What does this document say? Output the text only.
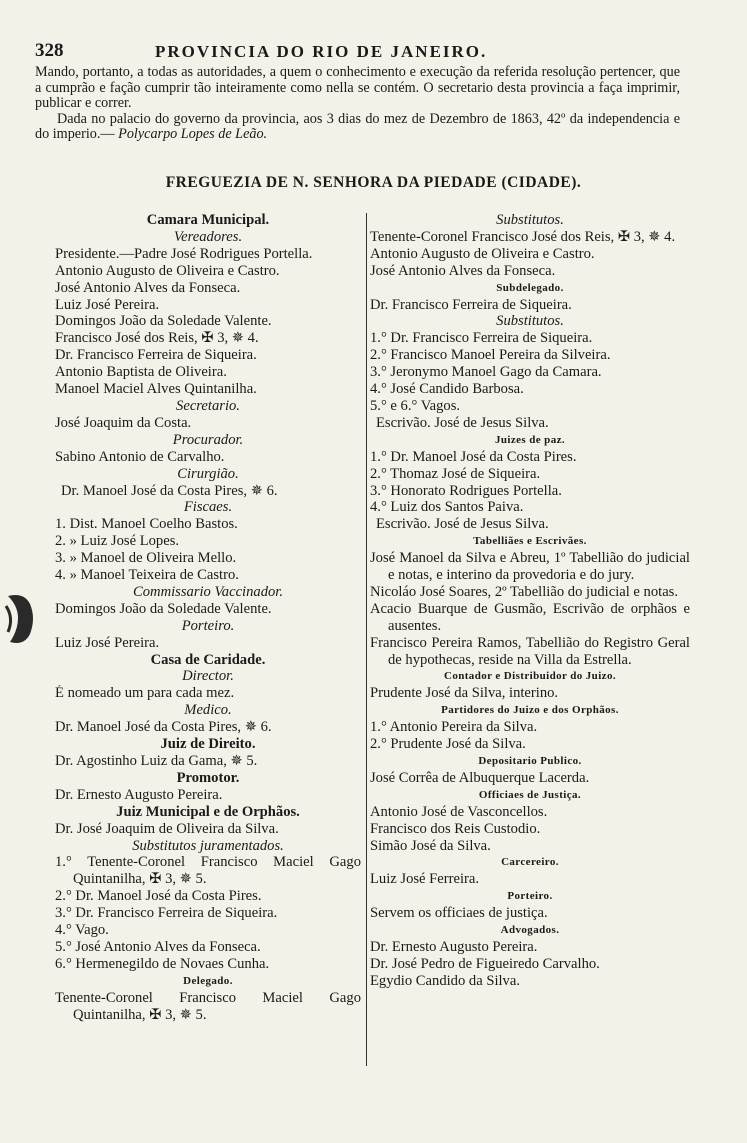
328	PROVINCIA DO RIO DE JANEIRO.

Mando, portanto, a todas as autoridades, a quem o conhecimento e execução da referida resolução pertencer, que a cumprão e fação cumprir tão inteiramente como nella se contém. O secretario desta provincia a faça imprimir, publicar e correr.

Dada no palacio do governo da provincia, aos 3 dias do mez de Dezembro de 1863, 42º da independencia e do imperio.— Polycarpo Lopes de Leão.

FREGUEZIA DE N. SENHORA DA PIEDADE (CIDADE).
Camara Municipal.
Vereadores.
Presidente.—Padre José Rodrigues Portella.
Antonio Augusto de Oliveira e Castro.
José Antonio Alves da Fonseca.
Luiz José Pereira.
Domingos João da Soledade Valente.
Francisco José dos Reis, ✠ 3, ✵ 4.
Dr. Francisco Ferreira de Siqueira.
Antonio Baptista de Oliveira.
Manoel Maciel Alves Quintanilha.
Secretario.
José Joaquim da Costa.
Procurador.
Sabino Antonio de Carvalho.
Cirurgião.
Dr. Manoel José da Costa Pires, ✵ 6.
Fiscaes.
1. Dist. Manoel Coelho Bastos.
2. » Luiz José Lopes.
3. » Manoel de Oliveira Mello.
4. » Manoel Teixeira de Castro.
Commissario Vaccinador.
Domingos João da Soledade Valente.
Porteiro.
Luiz José Pereira.
Casa de Caridade.
Director.
É nomeado um para cada mez.
Medico.
Dr. Manoel José da Costa Pires, ✵ 6.
Juiz de Direito.
Dr. Agostinho Luiz da Gama, ✵ 5.
Promotor.
Dr. Ernesto Augusto Pereira.
Juiz Municipal e de Orphãos.
Dr. José Joaquim de Oliveira da Silva.
Substitutos juramentados.
1.° Tenente-Coronel Francisco Maciel Gago Quintanilha, ✠ 3, ✵ 5.
2.° Dr. Manoel José da Costa Pires.
3.° Dr. Francisco Ferreira de Siqueira.
4.° Vago.
5.° José Antonio Alves da Fonseca.
6.° Hermenegildo de Novaes Cunha.
Delegado.
Tenente-Coronel Francisco Maciel Gago Quintanilha, ✠ 3, ✵ 5.
Substitutos.
Tenente-Coronel Francisco José dos Reis, ✠ 3, ✵ 4.
Antonio Augusto de Oliveira e Castro.
José Antonio Alves da Fonseca.
Subdelegado.
Dr. Francisco Ferreira de Siqueira.
Substitutos.
1.° Dr. Francisco Ferreira de Siqueira.
2.° Francisco Manoel Pereira da Silveira.
3.° Jeronymo Manoel Gago da Camara.
4.° José Candido Barbosa.
5.° e 6.° Vagos.
Escrivão. José de Jesus Silva.
Juizes de paz.
1.° Dr. Manoel José da Costa Pires.
2.° Thomaz José de Siqueira.
3.° Honorato Rodrigues Portella.
4.° Luiz dos Santos Paiva.
Escrivão. José de Jesus Silva.
Tabelliães e Escrivães.
José Manoel da Silva e Abreu, 1º Tabellião do judicial e notas, e interino da provedoria e do jury.
Nicoláo José Soares, 2º Tabellião do judicial e notas.
Acacio Buarque de Gusmão, Escrivão de orphãos e ausentes.
Francisco Pereira Ramos, Tabellião do Registro Geral de hypothecas, reside na Villa da Estrella.
Contador e Distribuidor do Juizo.
Prudente José da Silva, interino.
Partidores do Juizo e dos Orphãos.
1.° Antonio Pereira da Silva.
2.° Prudente José da Silva.
Depositario Publico.
José Corrêa de Albuquerque Lacerda.
Officiaes de Justiça.
Antonio José de Vasconcellos.
Francisco dos Reis Custodio.
Simão José da Silva.
Carcereiro.
Luiz José Ferreira.
Porteiro.
Servem os officiaes de justiça.
Advogados.
Dr. Ernesto Augusto Pereira.
Dr. José Pedro de Figueiredo Carvalho.
Egydio Candido da Silva.
